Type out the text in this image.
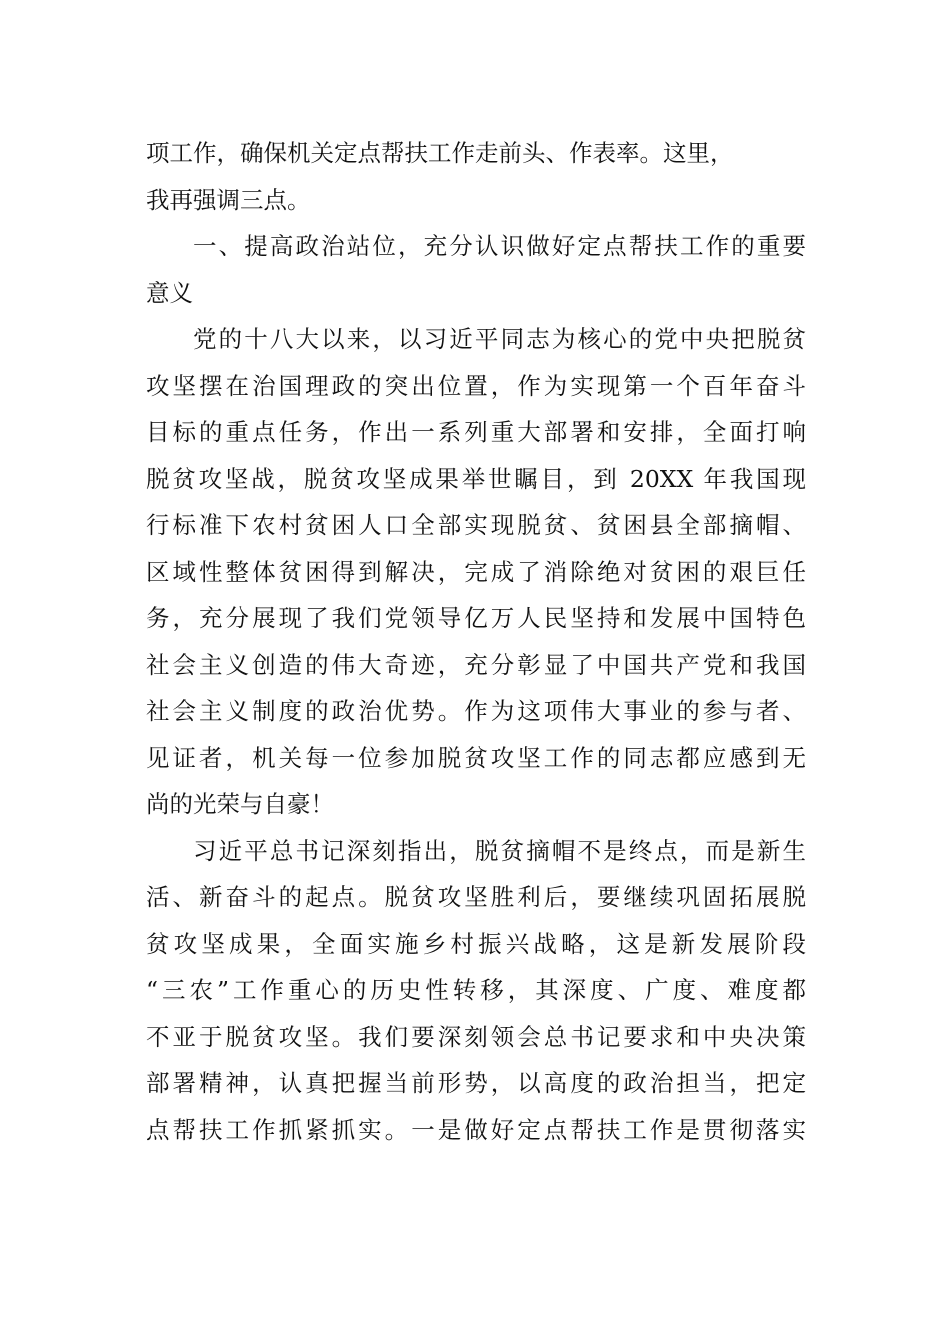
项工作，确保机关定点帮扶工作走前头、作表率。这里，
我再强调三点。
一、提高政治站位，充分认识做好定点帮扶工作的重要
意义
党的十八大以来，以习近平同志为核心的党中央把脱贫
攻坚摆在治国理政的突出位置，作为实现第一个百年奋斗
目标的重点任务，作出一系列重大部署和安排，全面打响
脱贫攻坚战，脱贫攻坚成果举世瞩目，到 20XX 年我国现
行标准下农村贫困人口全部实现脱贫、贫困县全部摘帽、
区域性整体贫困得到解决，完成了消除绝对贫困的艰巨任
务，充分展现了我们党领导亿万人民坚持和发展中国特色
社会主义创造的伟大奇迹，充分彰显了中国共产党和我国
社会主义制度的政治优势。作为这项伟大事业的参与者、
见证者，机关每一位参加脱贫攻坚工作的同志都应感到无
尚的光荣与自豪！
习近平总书记深刻指出，脱贫摘帽不是终点，而是新生
活、新奋斗的起点。脱贫攻坚胜利后，要继续巩固拓展脱
贫攻坚成果，全面实施乡村振兴战略，这是新发展阶段
“三农”工作重心的历史性转移，其深度、广度、难度都
不亚于脱贫攻坚。我们要深刻领会总书记要求和中央决策
部署精神，认真把握当前形势，以高度的政治担当，把定
点帮扶工作抓紧抓实。一是做好定点帮扶工作是贯彻落实
